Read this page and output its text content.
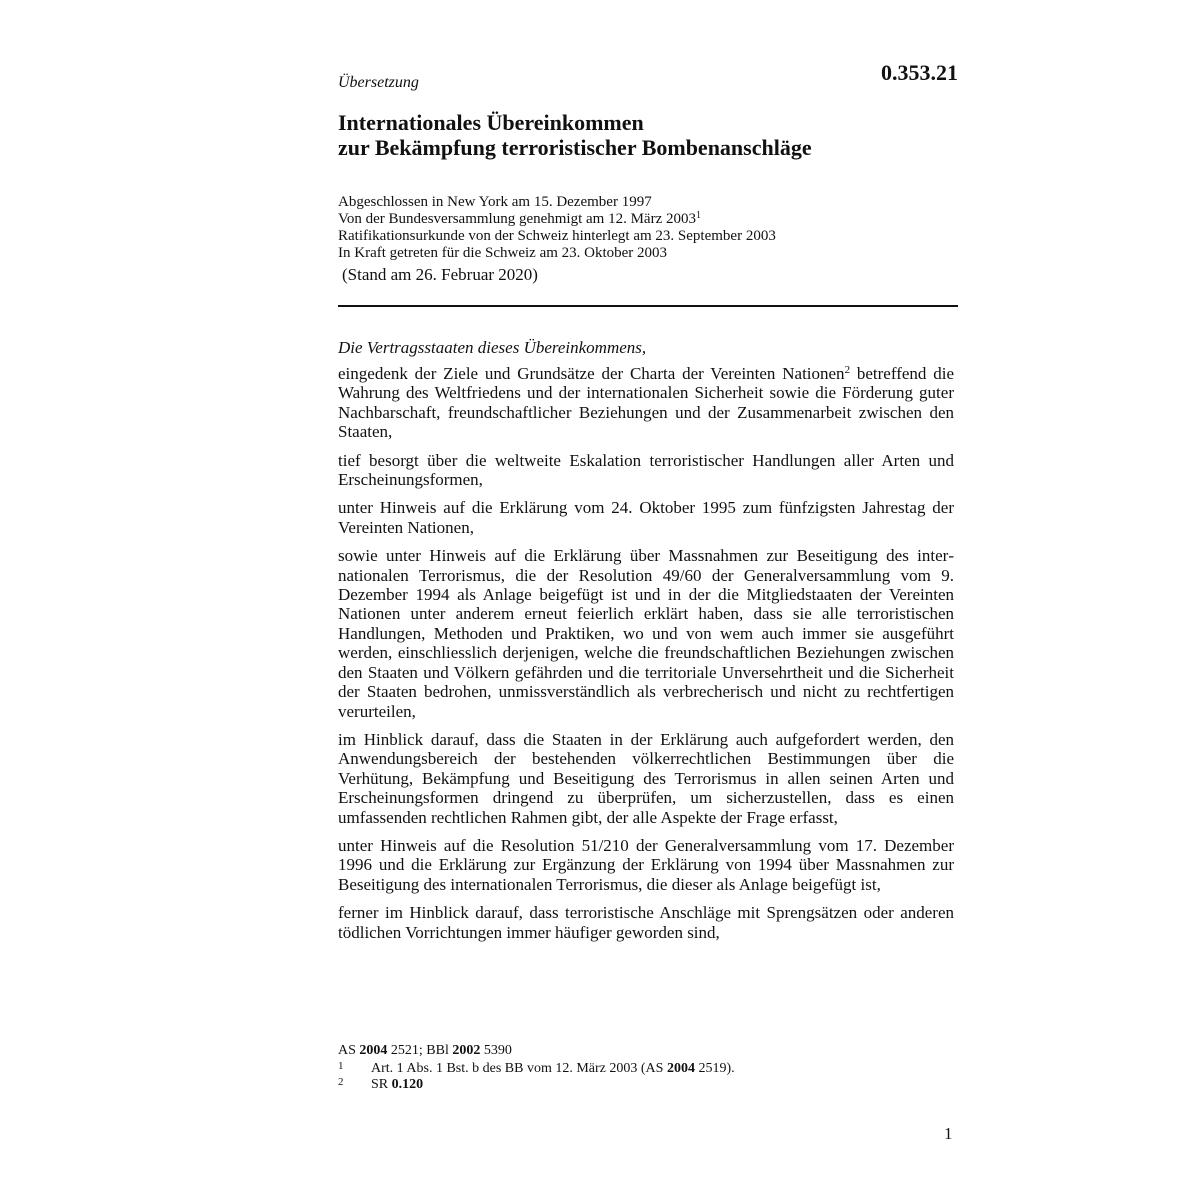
0.353.21
Übersetzung
Internationales Übereinkommen
zur Bekämpfung terroristischer Bombenanschläge
Abgeschlossen in New York am 15. Dezember 1997
Von der Bundesversammlung genehmigt am 12. März 2003$^1$
Ratifikationsurkunde von der Schweiz hinterlegt am 23. September 2003
In Kraft getreten für die Schweiz am 23. Oktober 2003
(Stand am 26. Februar 2020)
Die Vertragsstaaten dieses Übereinkommens,

eingedenk der Ziele und Grundsätze der Charta der Vereinten Nationen$^2$ betreffend die Wahrung des Weltfriedens und der internationalen Sicherheit sowie die Förderung guter Nachbarschaft, freundschaftlicher Beziehungen und der Zusammenarbeit zwischen den Staaten,

tief besorgt über die weltweite Eskalation terroristischer Handlungen aller Arten und Erscheinungsformen,

unter Hinweis auf die Erklärung vom 24. Oktober 1995 zum fünfzigsten Jahrestag der Vereinten Nationen,

sowie unter Hinweis auf die Erklärung über Massnahmen zur Beseitigung des internationalen Terrorismus, die der Resolution 49/60 der Generalversammlung vom 9. Dezember 1994 als Anlage beigefügt ist und in der die Mitgliedstaaten der Vereinten Nationen unter anderem erneut feierlich erklärt haben, dass sie alle terroristischen Handlungen, Methoden und Praktiken, wo und von wem auch immer sie ausgeführt werden, einschliesslich derjenigen, welche die freundschaftlichen Beziehungen zwischen den Staaten und Völkern gefährden und die territoriale Unversehrtheit und die Sicherheit der Staaten bedrohen, unmissverständlich als verbrecherisch und nicht zu rechtfertigen verurteilen,

im Hinblick darauf, dass die Staaten in der Erklärung auch aufgefordert werden, den Anwendungsbereich der bestehenden völkerrechtlichen Bestimmungen über die Verhütung, Bekämpfung und Beseitigung des Terrorismus in allen seinen Arten und Erscheinungsformen dringend zu überprüfen, um sicherzustellen, dass es einen umfassenden rechtlichen Rahmen gibt, der alle Aspekte der Frage erfasst,

unter Hinweis auf die Resolution 51/210 der Generalversammlung vom 17. Dezember 1996 und die Erklärung zur Ergänzung der Erklärung von 1994 über Massnahmen zur Beseitigung des internationalen Terrorismus, die dieser als Anlage beigefügt ist,

ferner im Hinblick darauf, dass terroristische Anschläge mit Sprengsätzen oder anderen tödlichen Vorrichtungen immer häufiger geworden sind,

AS 2004 2521; BBl 2002 5390
1 Art. 1 Abs. 1 Bst. b des BB vom 12. März 2003 (AS 2004 2519).
2 SR 0.120
1
